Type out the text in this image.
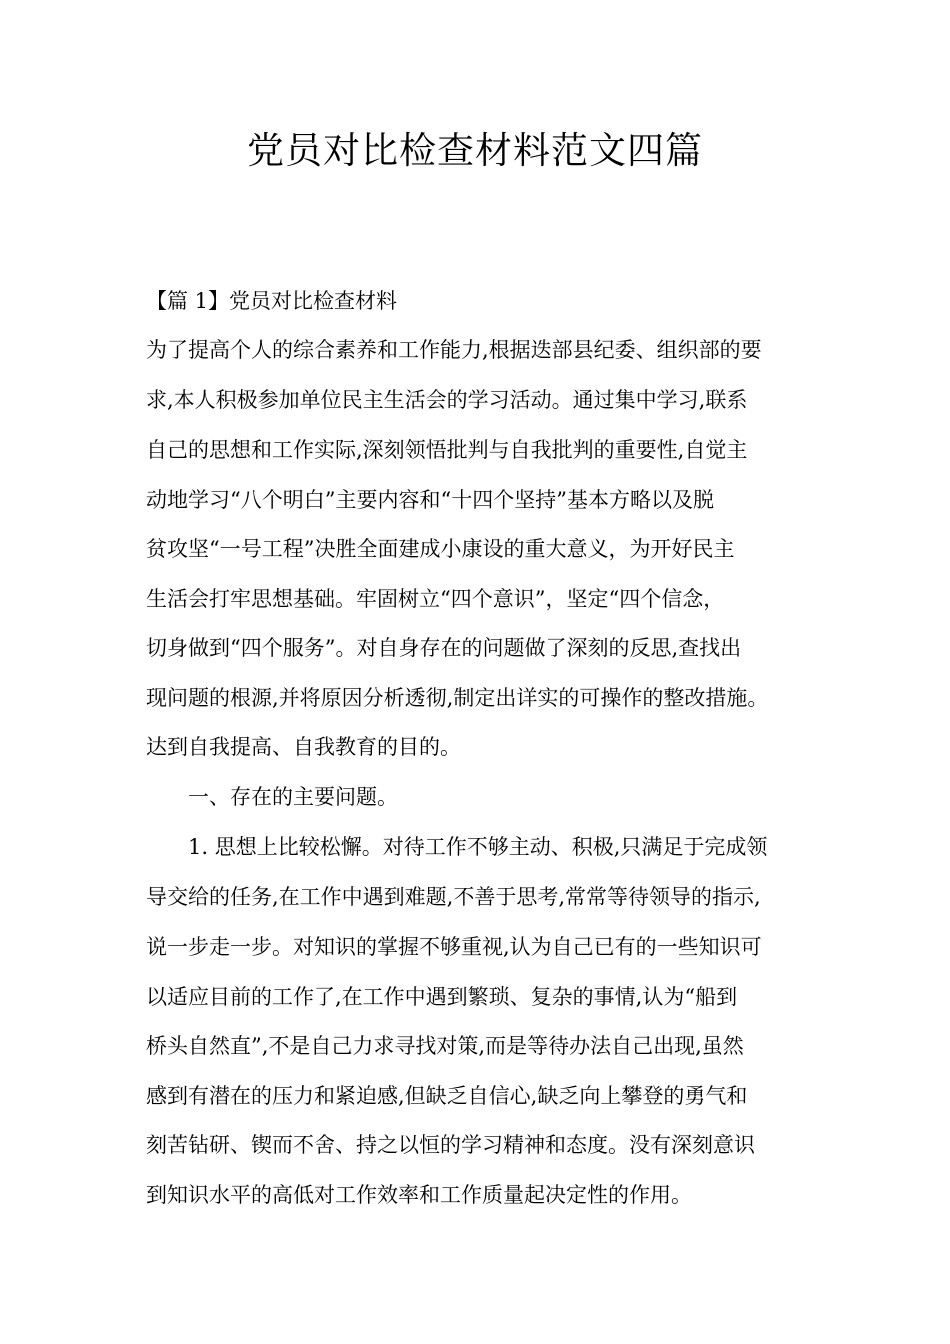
党员对比检查材料范文四篇
【篇 1】党员对比检查材料
为了提高个人的综合素养和工作能力,根据迭部县纪委、组织部的要
求,本人积极参加单位民主生活会的学习活动。通过集中学习,联系
自己的思想和工作实际,深刻领悟批判与自我批判的重要性,自觉主
动地学习“八个明白”主要内容和“十四个坚持”基本方略以及脱
贫攻坚“一号工程”决胜全面建成小康设的重大意义，为开好民主
生活会打牢思想基础。牢固树立“四个意识”，坚定“四个信念，
切身做到“四个服务”。对自身存在的问题做了深刻的反思,查找出
现问题的根源,并将原因分析透彻,制定出详实的可操作的整改措施。
达到自我提高、自我教育的目的。
一、存在的主要问题。
1. 思想上比较松懈。对待工作不够主动、积极,只满足于完成领
导交给的任务,在工作中遇到难题,不善于思考,常常等待领导的指示,
说一步走一步。对知识的掌握不够重视,认为自己已有的一些知识可
以适应目前的工作了,在工作中遇到繁琐、复杂的事情,认为“船到
桥头自然直”,不是自己力求寻找对策,而是等待办法自己出现,虽然
感到有潜在的压力和紧迫感,但缺乏自信心,缺乏向上攀登的勇气和
刻苦钻研、锲而不舍、持之以恒的学习精神和态度。没有深刻意识
到知识水平的高低对工作效率和工作质量起决定性的作用。
